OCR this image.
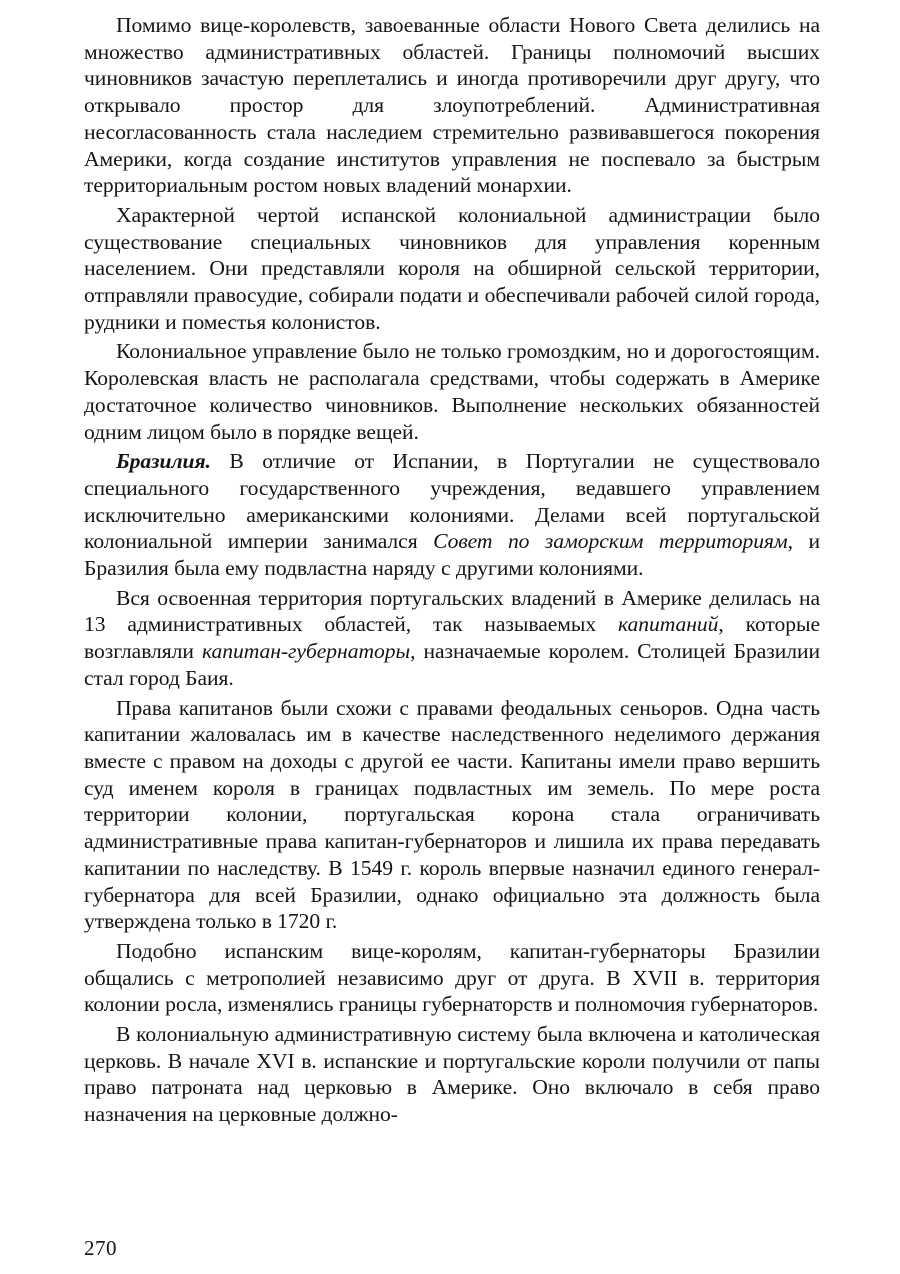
Помимо вице-королевств, завоеванные области Нового Света делились на множество административных областей. Границы полномочий высших чиновников зачастую переплетались и иногда противоречили друг другу, что открывало простор для злоупотреблений. Административная несогласованность стала наследием стремительно развивавшегося покорения Америки, когда создание институтов управления не поспевало за быстрым территориальным ростом новых владений монархии.

Характерной чертой испанской колониальной администрации было существование специальных чиновников для управления коренным населением. Они представляли короля на обширной сельской территории, отправляли правосудие, собирали подати и обеспечивали рабочей силой города, рудники и поместья колонистов.

Колониальное управление было не только громоздким, но и дорогостоящим. Королевская власть не располагала средствами, чтобы содержать в Америке достаточное количество чиновников. Выполнение нескольких обязанностей одним лицом было в порядке вещей.

Бразилия. В отличие от Испании, в Португалии не существовало специального государственного учреждения, ведавшего управлением исключительно американскими колониями. Делами всей португальской колониальной империи занимался Совет по заморским территориям, и Бразилия была ему подвластна наряду с другими колониями.

Вся освоенная территория португальских владений в Америке делилась на 13 административных областей, так называемых капитаний, которые возглавляли капитан-губернаторы, назначаемые королем. Столицей Бразилии стал город Баия.

Права капитанов были схожи с правами феодальных сеньоров. Одна часть капитании жаловалась им в качестве наследственного неделимого держания вместе с правом на доходы с другой ее части. Капитаны имели право вершить суд именем короля в границах подвластных им земель. По мере роста территории колонии, португальская корона стала ограничивать административные права капитан-губернаторов и лишила их права передавать капитании по наследству. В 1549 г. король впервые назначил единого генерал-губернатора для всей Бразилии, однако официально эта должность была утверждена только в 1720 г.

Подобно испанским вице-королям, капитан-губернаторы Бразилии общались с метрополией независимо друг от друга. В XVII в. территория колонии росла, изменялись границы губернаторств и полномочия губернаторов.

В колониальную административную систему была включена и католическая церковь. В начале XVI в. испанские и португальские короли получили от папы право патроната над церковью в Америке. Оно включало в себя право назначения на церковные должно-

270
